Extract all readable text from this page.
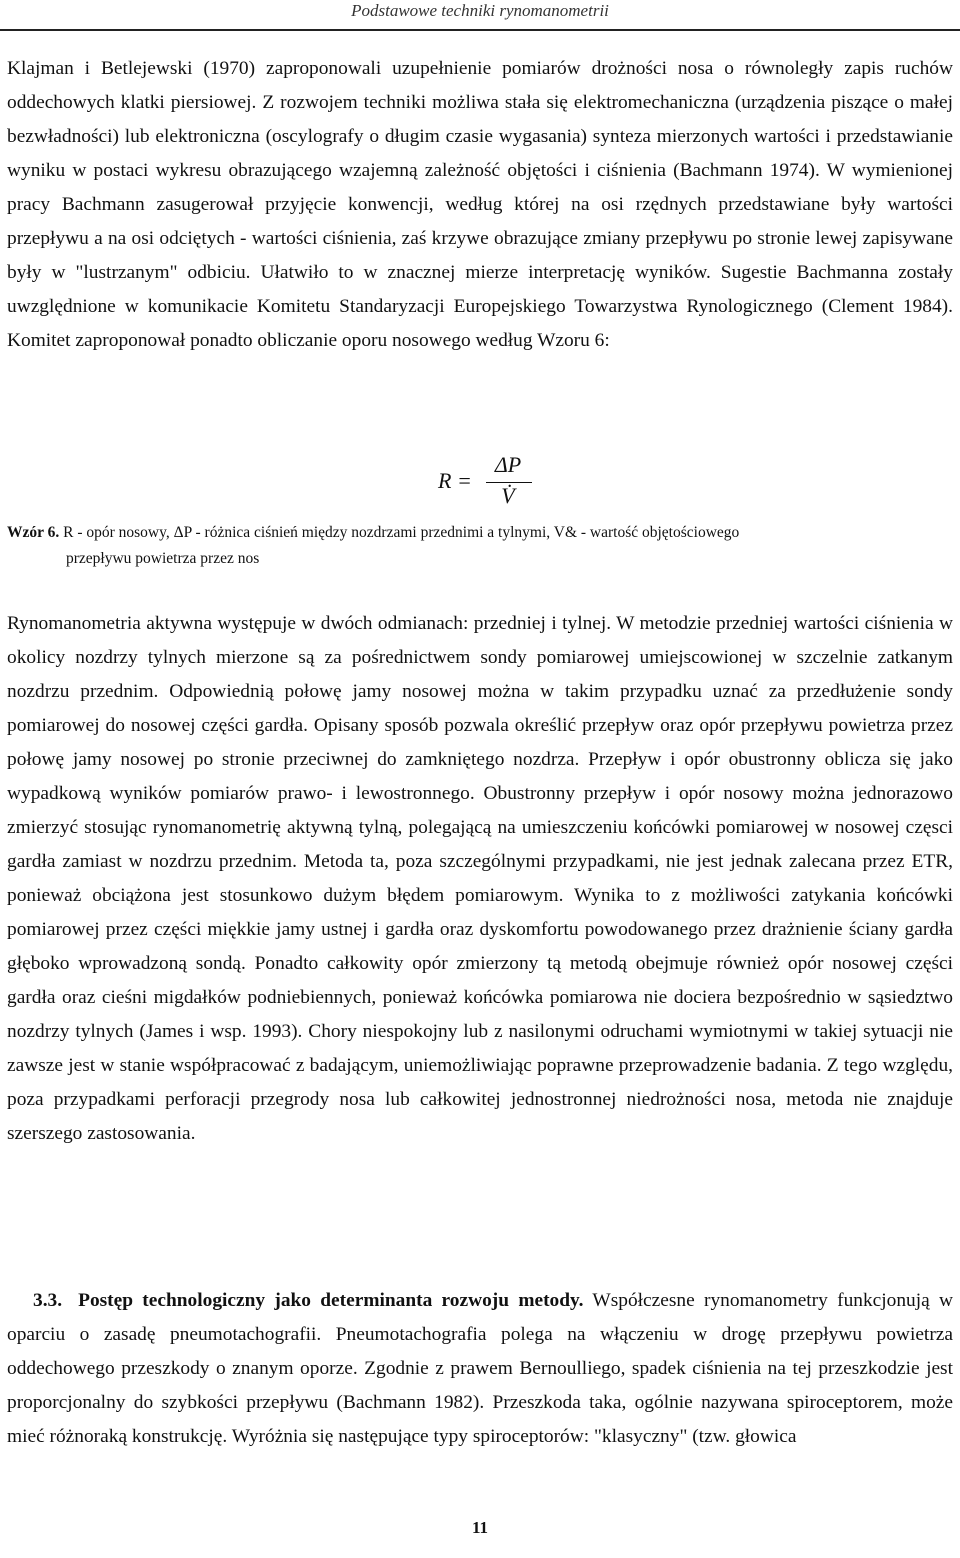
Podstawowe techniki rynomanometrii
Klajman i Betlejewski (1970) zaproponowali uzupełnienie pomiarów drożności nosa o równoległy zapis ruchów oddechowych klatki piersiowej. Z rozwojem techniki możliwa stała się elektromechaniczna (urządzenia piszące o małej bezwładności) lub elektroniczna (oscylografy o długim czasie wygasania) synteza mierzonych wartości i przedstawianie wyniku w postaci wykresu obrazującego wzajemną zależność objętości i ciśnienia (Bachmann 1974). W wymienionej pracy Bachmann zasugerował przyjęcie konwencji, według której na osi rzędnych przedstawiane były wartości przepływu a na osi odciętych - wartości ciśnienia, zaś krzywe obrazujące zmiany przepływu po stronie lewej zapisywane były w "lustrzanym" odbiciu. Ułatwiło to w znacznej mierze interpretację wyników. Sugestie Bachmanna zostały uwzględnione w komunikacie Komitetu Standaryzacji Europejskiego Towarzystwa Rynologicznego (Clement 1984). Komitet zaproponował ponadto obliczanie oporu nosowego według Wzoru 6:
R =
ΔP
V̇
Wzór 6. R - opór nosowy, ΔP - różnica ciśnień między nozdrzami przednimi a tylnymi, V& - wartość objętościowego
przepływu powietrza przez nos
Rynomanometria aktywna występuje w dwóch odmianach: przedniej i tylnej. W metodzie przedniej wartości ciśnienia w okolicy nozdrzy tylnych mierzone są za pośrednictwem sondy pomiarowej umiejscowionej w szczelnie zatkanym nozdrzu przednim. Odpowiednią połowę jamy nosowej można w takim przypadku uznać za przedłużenie sondy pomiarowej do nosowej części gardła. Opisany sposób pozwala określić przepływ oraz opór przepływu powietrza przez połowę jamy nosowej po stronie przeciwnej do zamkniętego nozdrza. Przepływ i opór obustronny oblicza się jako wypadkową wyników pomiarów prawo- i lewostronnego. Obustronny przepływ i opór nosowy można jednorazowo zmierzyć stosując rynomanometrię aktywną tylną, polegającą na umieszczeniu końcówki pomiarowej w nosowej częsci gardła zamiast w nozdrzu przednim. Metoda ta, poza szczególnymi przypadkami, nie jest jednak zalecana przez ETR, ponieważ obciążona jest stosunkowo dużym błędem pomiarowym. Wynika to z możliwości zatykania końcówki pomiarowej przez części miękkie jamy ustnej i gardła oraz dyskomfortu powodowanego przez drażnienie ściany gardła głęboko wprowadzoną sondą. Ponadto całkowity opór zmierzony tą metodą obejmuje również opór nosowej części gardła oraz cieśni migdałków podniebiennych, ponieważ końcówka pomiarowa nie dociera bezpośrednio w sąsiedztwo nozdrzy tylnych (James i wsp. 1993). Chory niespokojny lub z nasilonymi odruchami wymiotnymi w takiej sytuacji nie zawsze jest w stanie współpracować z badającym, uniemożliwiając poprawne przeprowadzenie badania. Z tego względu, poza przypadkami perforacji przegrody nosa lub całkowitej jednostronnej niedrożności nosa, metoda nie znajduje szerszego zastosowania.
3.3. Postęp technologiczny jako determinanta rozwoju metody. Współczesne rynomanometry funkcjonują w oparciu o zasadę pneumotachografii. Pneumotachografia polega na włączeniu w drogę przepływu powietrza oddechowego przeszkody o znanym oporze. Zgodnie z prawem Bernoulliego, spadek ciśnienia na tej przeszkodzie jest proporcjonalny do szybkości przepływu (Bachmann 1982). Przeszkoda taka, ogólnie nazywana spiroceptorem, może mieć różnoraką konstrukcję. Wyróżnia się następujące typy spiroceptorów: "klasyczny" (tzw. głowica
11
